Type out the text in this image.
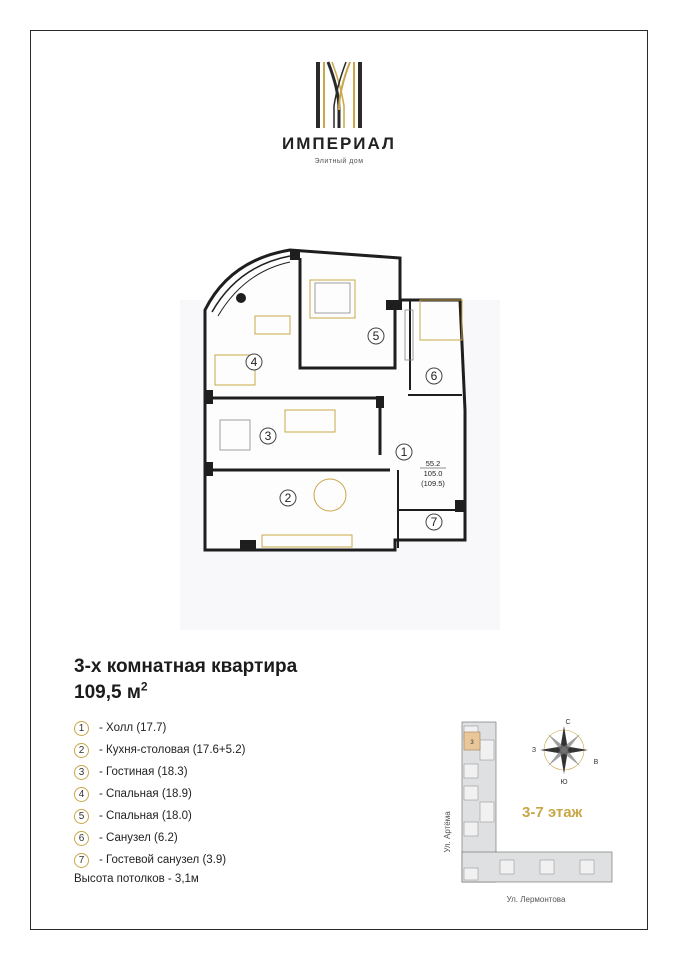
ИМПЕРИАЛ
Элитный дом
1
2
3
4
5
6
7
55.2
105.0
(109.5)
3-х комнатная квартира
109,5 $м^2$
1	- Холл (17.7)
2	- Кухня-столовая (17.6+5.2)
3	- Гостиная (18.3)
4	- Спальная (18.9)
5	- Спальная (18.0)
6	- Санузел (6.2)
7	- Гостевой санузел (3.9)
Высота потолков - 3,1м
3
С
Ю
В
З
Ул. Артёма
Ул. Лермонтова
3-7 этаж
